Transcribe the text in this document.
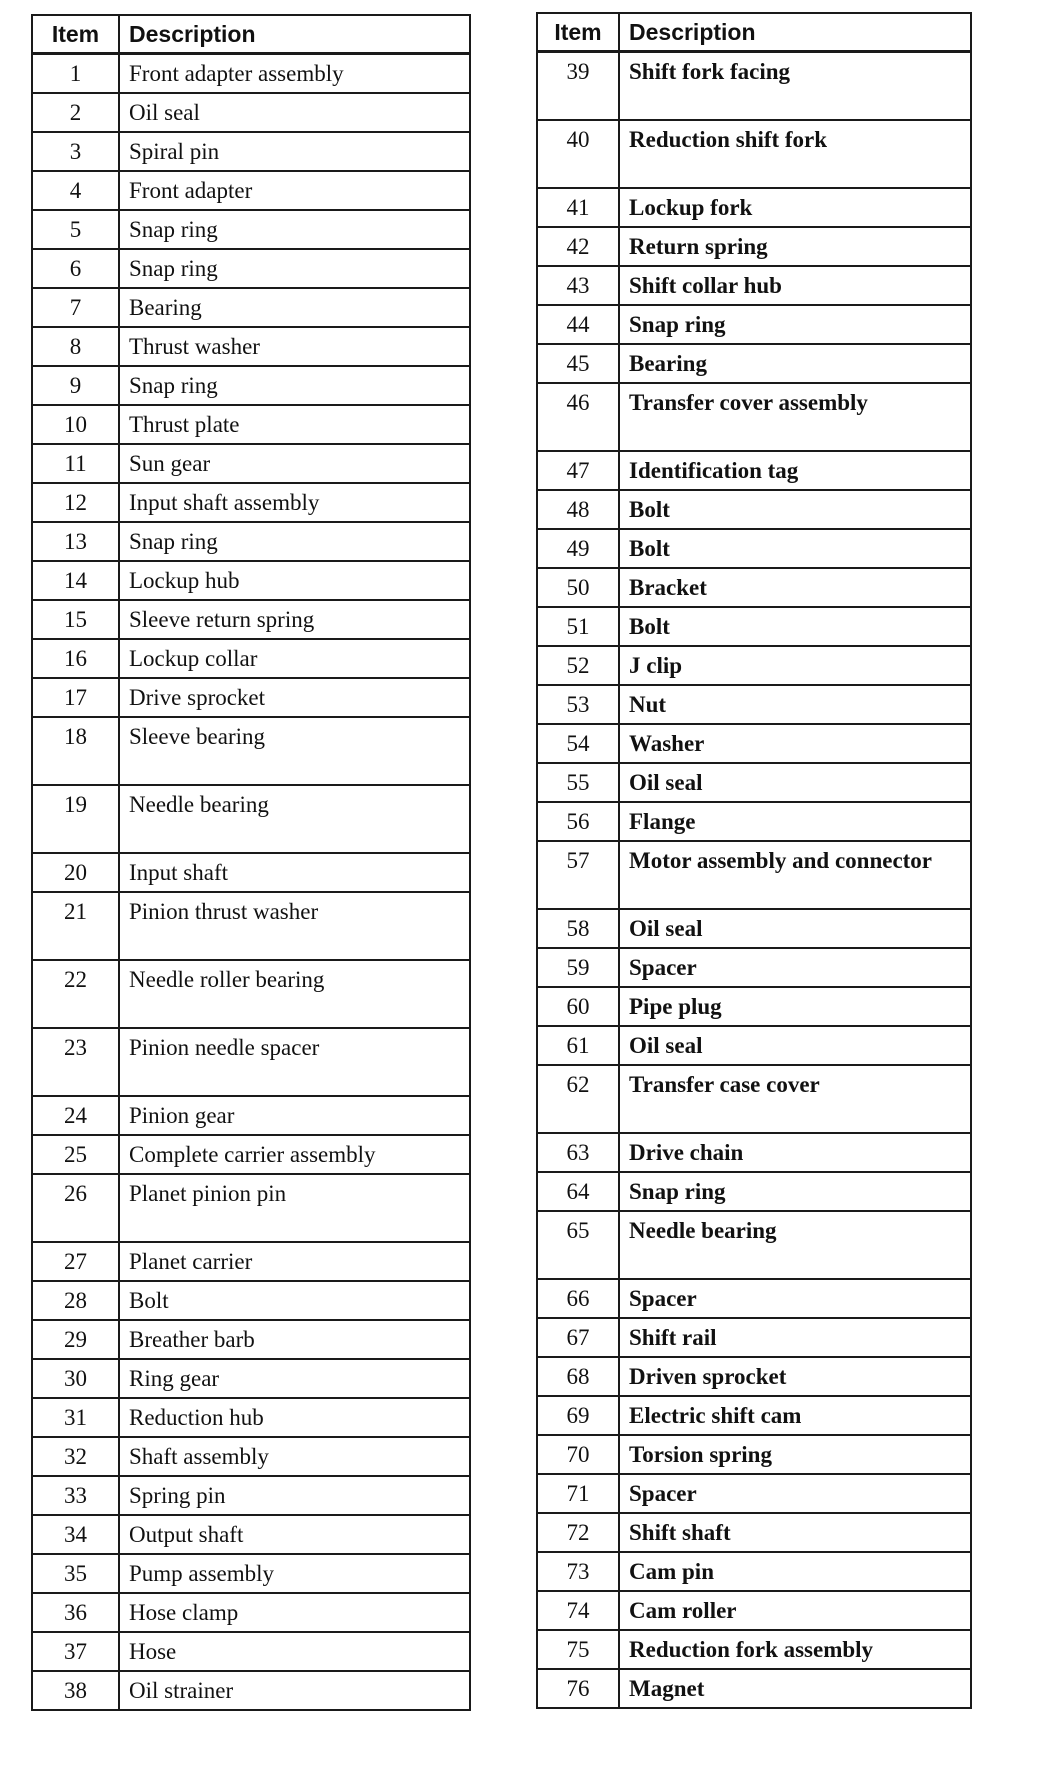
Item	Description
1	Front adapter assembly
2	Oil seal
3	Spiral pin
4	Front adapter
5	Snap ring
6	Snap ring
7	Bearing
8	Thrust washer
9	Snap ring
10	Thrust plate
11	Sun gear
12	Input shaft assembly
13	Snap ring
14	Lockup hub
15	Sleeve return spring
16	Lockup collar
17	Drive sprocket
18	Sleeve bearing
19	Needle bearing
20	Input shaft
21	Pinion thrust washer
22	Needle roller bearing
23	Pinion needle spacer
24	Pinion gear
25	Complete carrier assembly
26	Planet pinion pin
27	Planet carrier
28	Bolt
29	Breather barb
30	Ring gear
31	Reduction hub
32	Shaft assembly
33	Spring pin
34	Output shaft
35	Pump assembly
36	Hose clamp
37	Hose
38	Oil strainer
Item	Description
39	Shift fork facing
40	Reduction shift fork
41	Lockup fork
42	Return spring
43	Shift collar hub
44	Snap ring
45	Bearing
46	Transfer cover assembly
47	Identification tag
48	Bolt
49	Bolt
50	Bracket
51	Bolt
52	J clip
53	Nut
54	Washer
55	Oil seal
56	Flange
57	Motor assembly and connector
58	Oil seal
59	Spacer
60	Pipe plug
61	Oil seal
62	Transfer case cover
63	Drive chain
64	Snap ring
65	Needle bearing
66	Spacer
67	Shift rail
68	Driven sprocket
69	Electric shift cam
70	Torsion spring
71	Spacer
72	Shift shaft
73	Cam pin
74	Cam roller
75	Reduction fork assembly
76	Magnet
